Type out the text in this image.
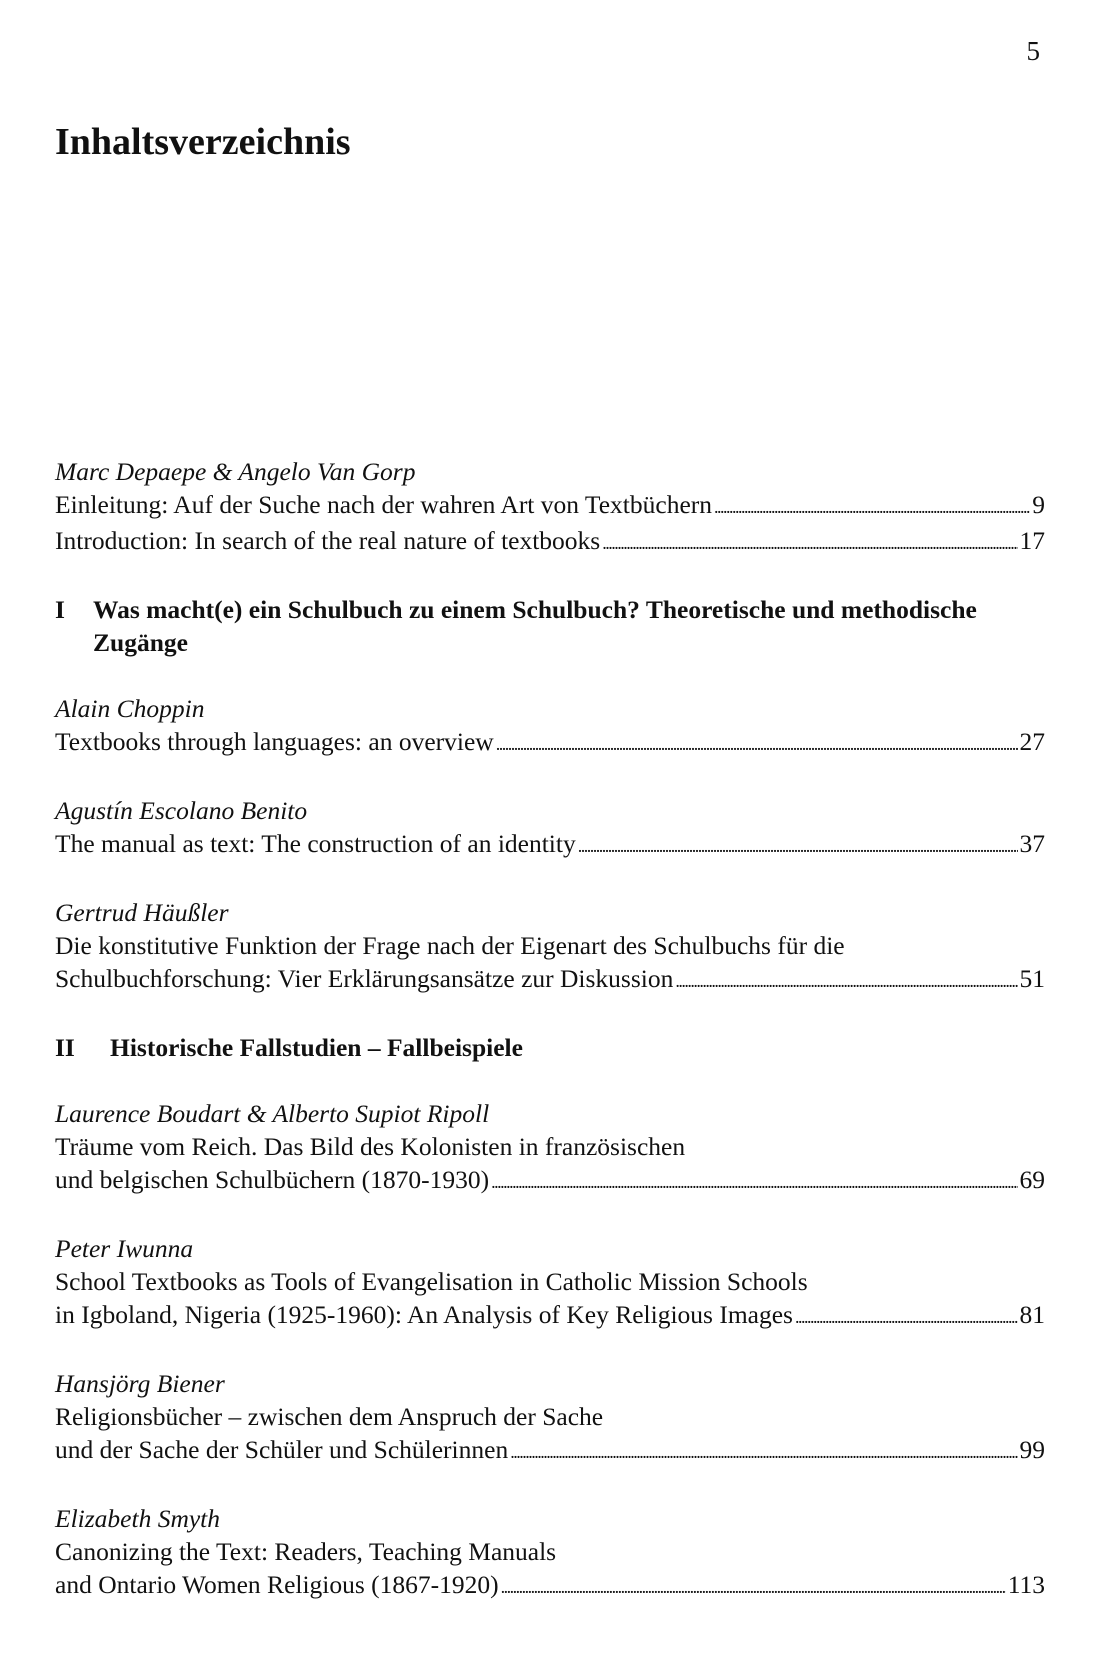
5
Inhaltsverzeichnis
Marc Depaepe & Angelo Van Gorp
Einleitung: Auf der Suche nach der wahren Art von Textbüchern . . .	9
Introduction: In search of the real nature of textbooks . . .	17
I	Was macht(e) ein Schulbuch zu einem Schulbuch? Theoretische und methodische Zugänge
Alain Choppin
Textbooks through languages: an overview . . .	27
Agustín Escolano Benito
The manual as text: The construction of an identity . . .	37
Gertrud Häußler
Die konstitutive Funktion der Frage nach der Eigenart des Schulbuchs für die
Schulbuchforschung: Vier Erklärungsansätze zur Diskussion . . .	51
II	Historische Fallstudien – Fallbeispiele
Laurence Boudart & Alberto Supiot Ripoll
Träume vom Reich. Das Bild des Kolonisten in französischen
und belgischen Schulbüchern (1870-1930) . . .	69
Peter Iwunna
School Textbooks as Tools of Evangelisation in Catholic Mission Schools
in Igboland, Nigeria (1925-1960): An Analysis of Key Religious Images . . .	81
Hansjörg Biener
Religionsbücher – zwischen dem Anspruch der Sache
und der Sache der Schüler und Schülerinnen . . .	99
Elizabeth Smyth
Canonizing the Text: Readers, Teaching Manuals
and Ontario Women Religious (1867-1920) . . .	113
